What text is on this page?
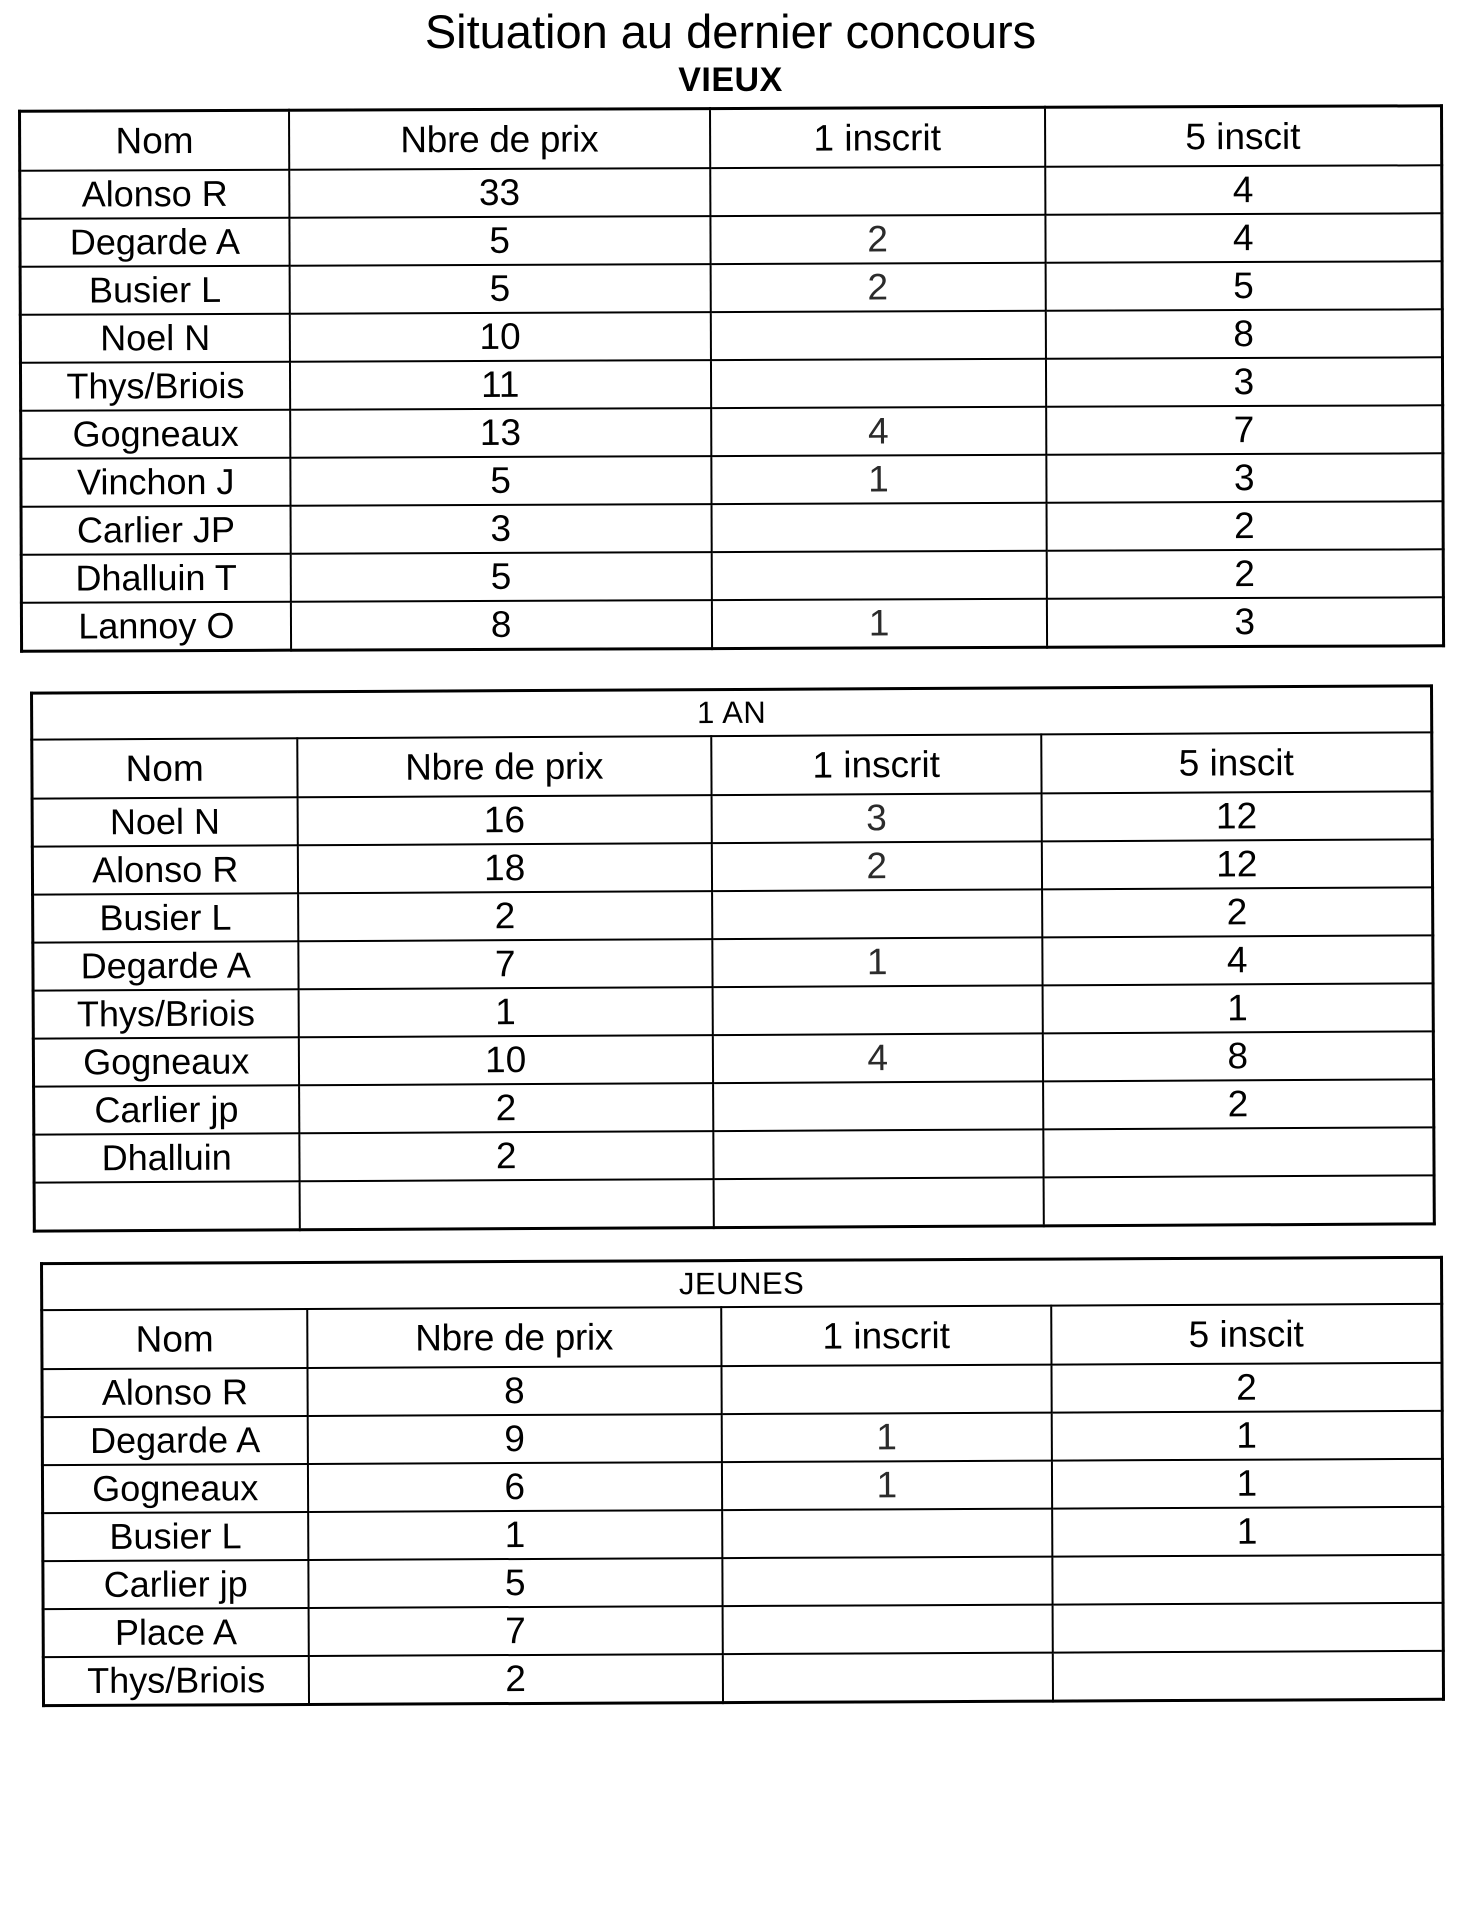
Situation au dernier concours
VIEUX
Nom	Nbre de prix	1 inscrit	5 inscit
Alonso R	33		4
Degarde A	5	2	4
Busier L	5	2	5
Noel N	10		8
Thys/Briois	11		3
Gogneaux	13	4	7
Vinchon J	5	1	3
Carlier JP	3		2
Dhalluin T	5		2
Lannoy O	8	1	3
1 AN			
Nom	Nbre de prix	1 inscrit	5 inscit
Noel N	16	3	12
Alonso R	18	2	12
Busier L	2		2
Degarde A	7	1	4
Thys/Briois	1		1
Gogneaux	10	4	8
Carlier jp	2		2
Dhalluin	2		

JEUNES			
Nom	Nbre de prix	1 inscrit	5 inscit
Alonso R	8		2
Degarde A	9	1	1
Gogneaux	6	1	1
Busier L	1		1
Carlier jp	5		
Place A	7		
Thys/Briois	2		
